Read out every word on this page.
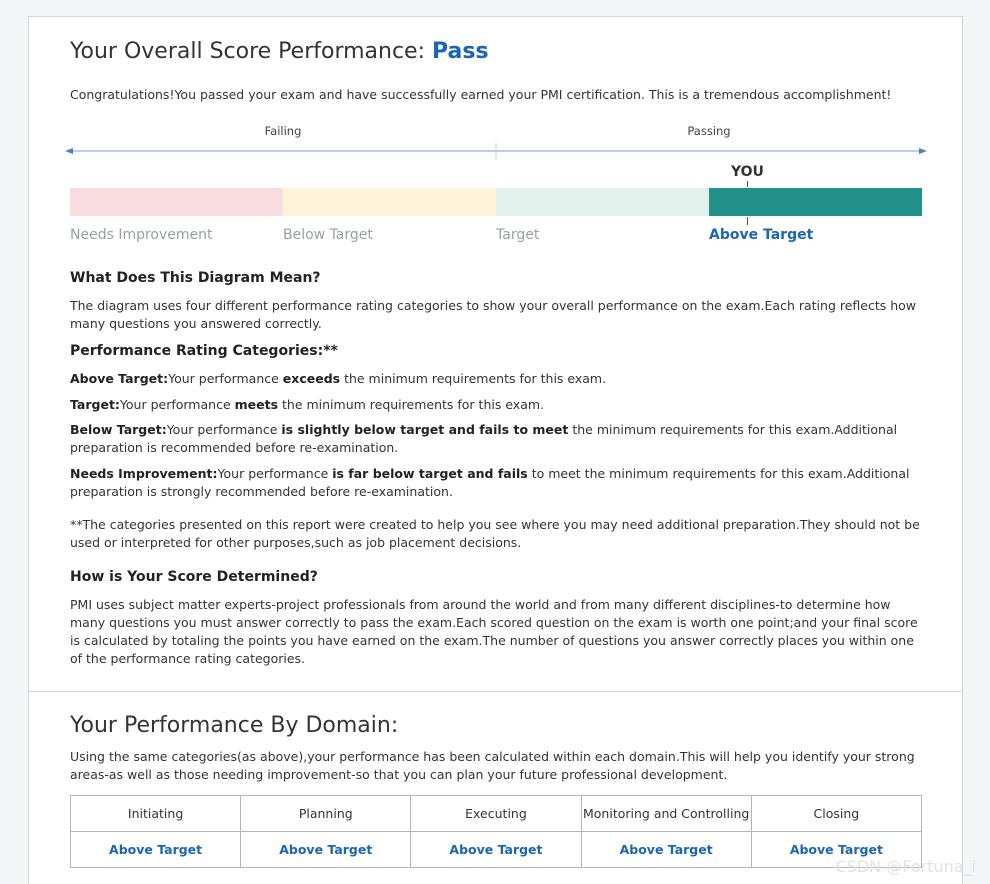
Your Overall Score Performance: Pass
Congratulations!You passed your exam and have successfully earned your PMI certification. This is a tremendous accomplishment!
Failing	Passing
YOU
Needs Improvement	Below Target	Target	Above Target
What Does This Diagram Mean?
The diagram uses four different performance rating categories to show your overall performance on the exam.Each rating reflects how many questions you answered correctly.
Performance Rating Categories:**
Above Target:Your performance exceeds the minimum requirements for this exam.
Target:Your performance meets the minimum requirements for this exam.
Below Target:Your performance is slightly below target and fails to meet the minimum requirements for this exam.Additional preparation is recommended before re-examination.
Needs Improvement:Your performance is far below target and fails to meet the minimum requirements for this exam.Additional preparation is strongly recommended before re-examination.
**The categories presented on this report were created to help you see where you may need additional preparation.They should not be used or interpreted for other purposes,such as job placement decisions.
How is Your Score Determined?
PMI uses subject matter experts-project professionals from around the world and from many different disciplines-to determine how many questions you must answer correctly to pass the exam.Each scored question on the exam is worth one point;and your final score is calculated by totaling the points you have earned on the exam.The number of questions you answer correctly places you within one of the performance rating categories.
Your Performance By Domain:
Using the same categories(as above),your performance has been calculated within each domain.This will help you identify your strong areas-as well as those needing improvement-so that you can plan your future professional development.
Initiating	Planning	Executing	Monitoring and Controlling	Closing
Above Target	Above Target	Above Target	Above Target	Above Target
CSDN @Fortuna_i
